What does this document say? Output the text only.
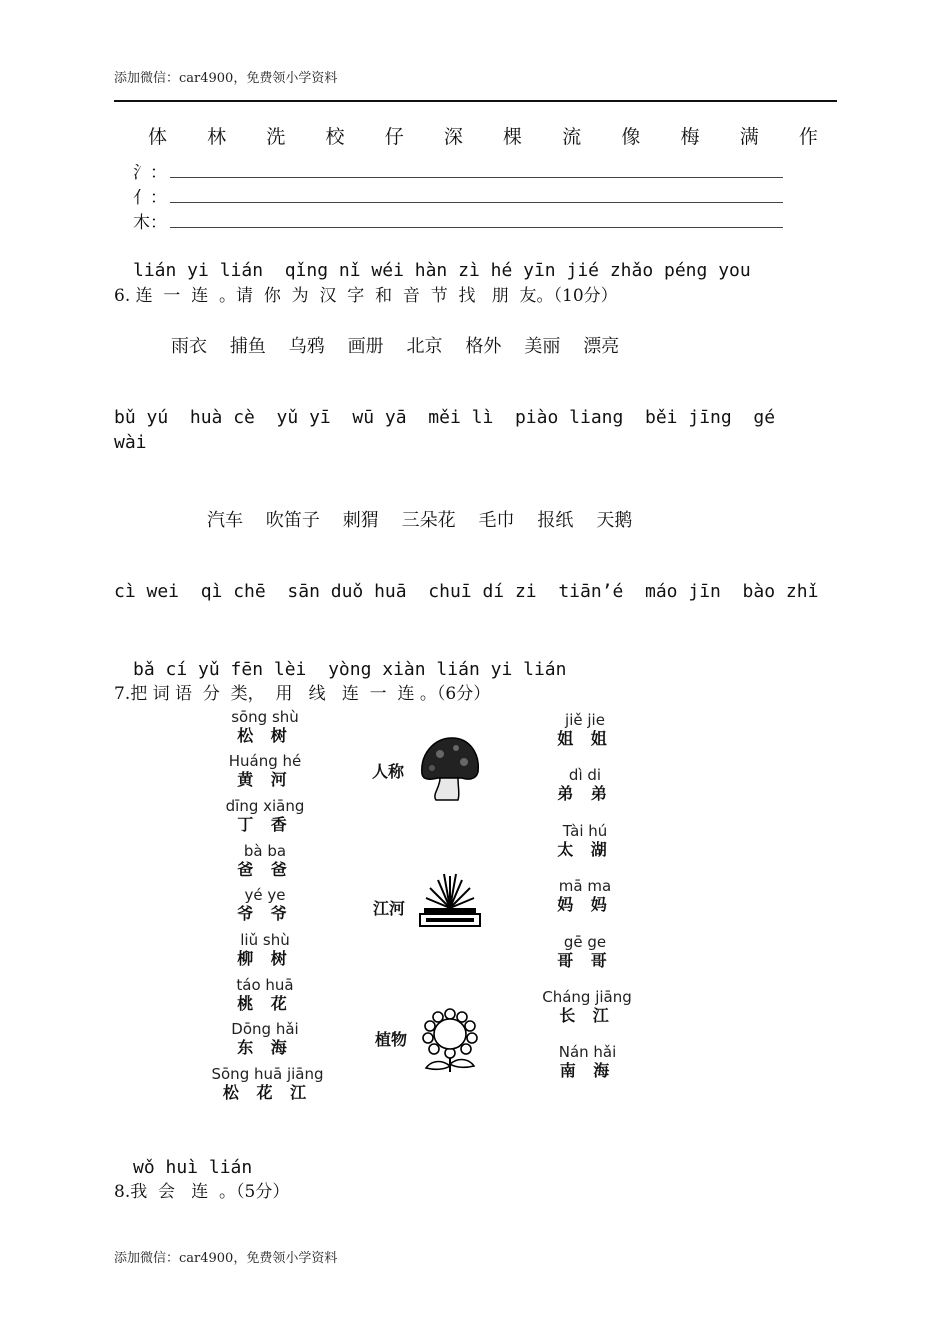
添加微信：car4900，免费领小学资料
体 林 洗 校 仔 深 棵 流 像 梅 满 作
氵：
亻：
木：
lián yi lián  qǐng nǐ wéi hàn zì hé yīn jié zhǎo péng you
6. 连  一  连  。请  你  为  汉  字  和  音  节  找   朋  友。（10分）
雨衣    捕鱼    乌鸦    画册    北京    格外    美丽    漂亮
bǔ yú  huà cè  yǔ yī  wū yā  měi lì  piào liang  běi jīng  gé
wài
汽车    吹笛子    刺猬    三朵花    毛巾    报纸    天鹅
cì wei  qì chē  sān duǒ huā  chuī dí zi  tiān’é  máo jīn  bào zhǐ
bǎ cí yǔ fēn lèi  yòng xiàn lián yi lián
7.把 词 语  分  类，  用   线   连  一  连 。（6分）
sōng shù
松 树
Huáng hé
黄 河
dīng xiāng
丁 香
bà ba
爸 爸
yé ye
爷 爷
liǔ shù
柳 树
táo huā
桃 花
Dōng hǎi
东 海
Sōng huā jiāng
松 花 江
人称
江河
植物
jiě jie
姐 姐
dì di
弟 弟
Tài hú
太 湖
mā ma
妈 妈
gē ge
哥 哥
Cháng jiāng
长 江
Nán hǎi
南 海
wǒ huì lián
8.我  会   连  。（5分）
添加微信：car4900，免费领小学资料
